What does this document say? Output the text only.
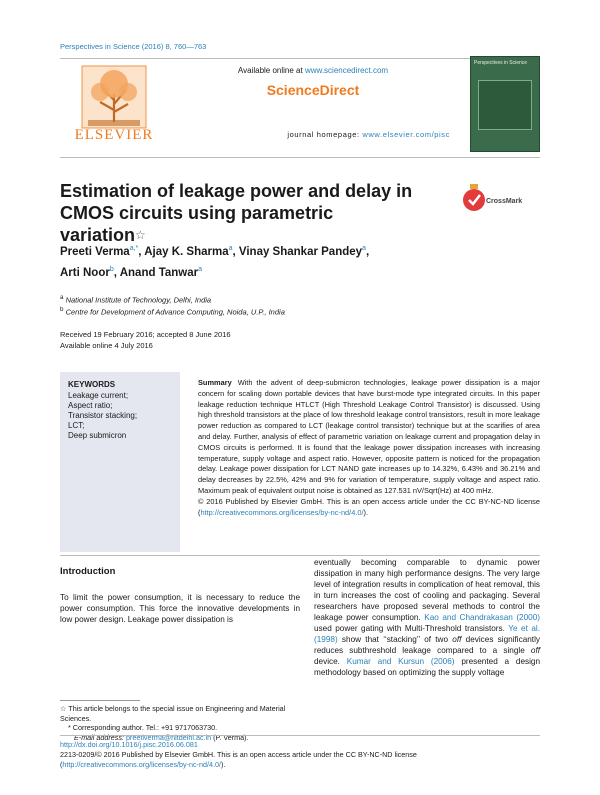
Perspectives in Science (2016) 8, 760—763
ELSEVIER
Available online at www.sciencedirect.com
ScienceDirect
journal homepage: www.elsevier.com/pisc
Perspectives in Science
Estimation of leakage power and delay in CMOS circuits using parametric variation☆
CrossMark
Preeti Verma$^{a,*}$, Ajay K. Sharma$^a$, Vinay Shankar Pandey$^a$,
Arti Noor$^b$, Anand Tanwar$^a$
$^a$ National Institute of Technology, Delhi, India
$^b$ Centre for Development of Advance Computing, Noida, U.P., India
Received 19 February 2016; accepted 8 June 2016
Available online 4 July 2016
KEYWORDS
Leakage current;
Aspect ratio;
Transistor stacking;
LCT;
Deep submicron
Summary With the advent of deep-submicron technologies, leakage power dissipation is a major concern for scaling down portable devices that have burst-mode type integrated circuits. In this paper leakage reduction technique HTLCT (High Threshold Leakage Control Transistor) is discussed. Using high threshold transistors at the place of low threshold leakage control transistors, result in more leakage power reduction as compared to LCT (leakage control transistor) technique but at the scarifies of area and delay. Further, analysis of effect of parametric variation on leakage current and propagation delay in CMOS circuits is performed. It is found that the leakage power dissipation increases with increasing temperature, supply voltage and aspect ratio. However, opposite pattern is noticed for the propagation delay. Leakage power dissipation for LCT NAND gate increases up to 14.32%, 6.43% and 36.21% and delay decreases by 22.5%, 42% and 9% for variation of temperature, supply voltage and aspect ratio. Maximum peak of equivalent output noise is obtained as 127.531 nV/Sqrt(Hz) at 400 mHz.
© 2016 Published by Elsevier GmbH. This is an open access article under the CC BY-NC-ND license (http://creativecommons.org/licenses/by-nc-nd/4.0/).
Introduction
To limit the power consumption, it is necessary to reduce the power consumption. This force the innovative developments in low power design. Leakage power dissipation is
eventually becoming comparable to dynamic power dissipation in many high performance designs. The very large level of integration results in complication of heat removal, this in turn increases the cost of cooling and packaging. Several researchers have proposed several methods to control the leakage power consumption. Kao and Chandrakasan (2000) used power gating with Multi-Threshold transistors. Ye et al. (1998) show that ‘‘stacking’’ of two off devices significantly reduces subthreshold leakage compared to a single off device. Kumar and Kursun (2006) presented a design methodology based on optimizing the supply voltage
☆ This article belongs to the special issue on Engineering and Material Sciences.
* Corresponding author. Tel.: +91 9717063730.
E-mail address: preetiverma@nitdelhi.ac.in (P. Verma).
http://dx.doi.org/10.1016/j.pisc.2016.06.081
2213-0209/© 2016 Published by Elsevier GmbH. This is an open access article under the CC BY-NC-ND license (http://creativecommons.org/licenses/by-nc-nd/4.0/).
